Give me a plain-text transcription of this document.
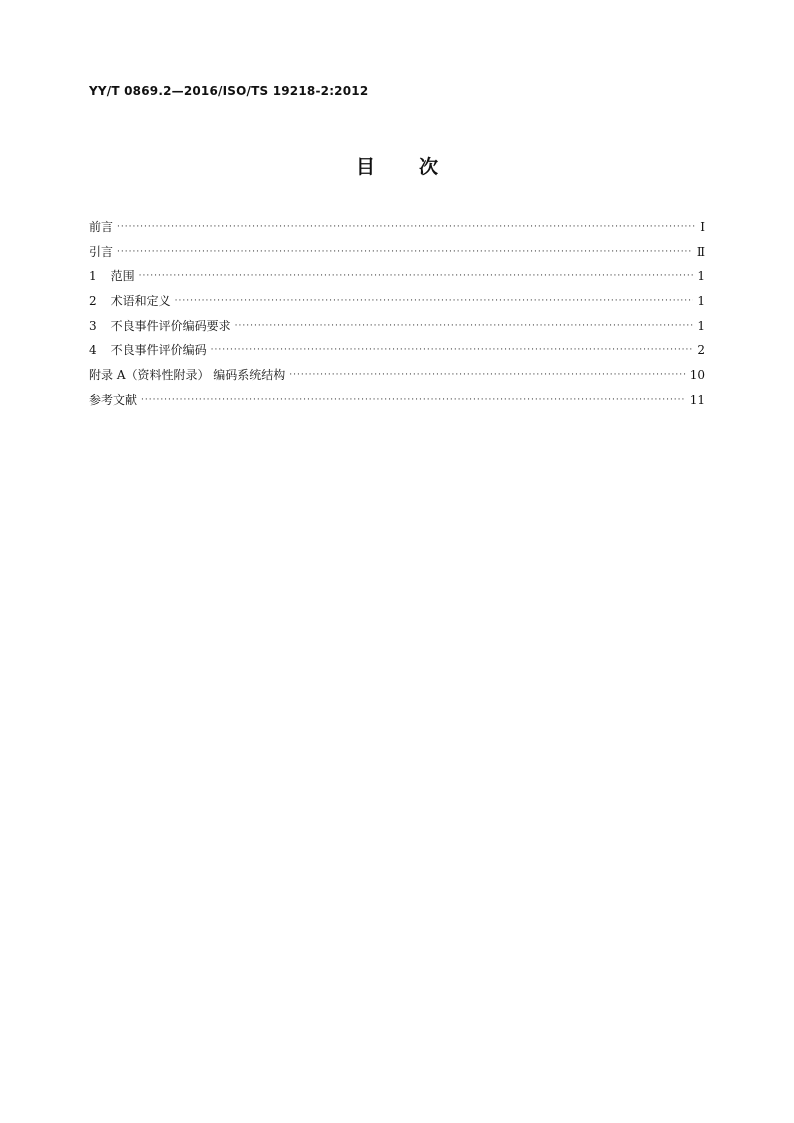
YY/T 0869.2—2016/ISO/TS 19218-2:2012
目 次
前言 ·····	Ⅰ
引言 ·····	Ⅱ
1 范围 ·····	1
2 术语和定义 ·····	1
3 不良事件评价编码要求 ·····	1
4 不良事件评价编码 ·····	2
附录 A（资料性附录） 编码系统结构 ·····	10
参考文献 ·····	11
